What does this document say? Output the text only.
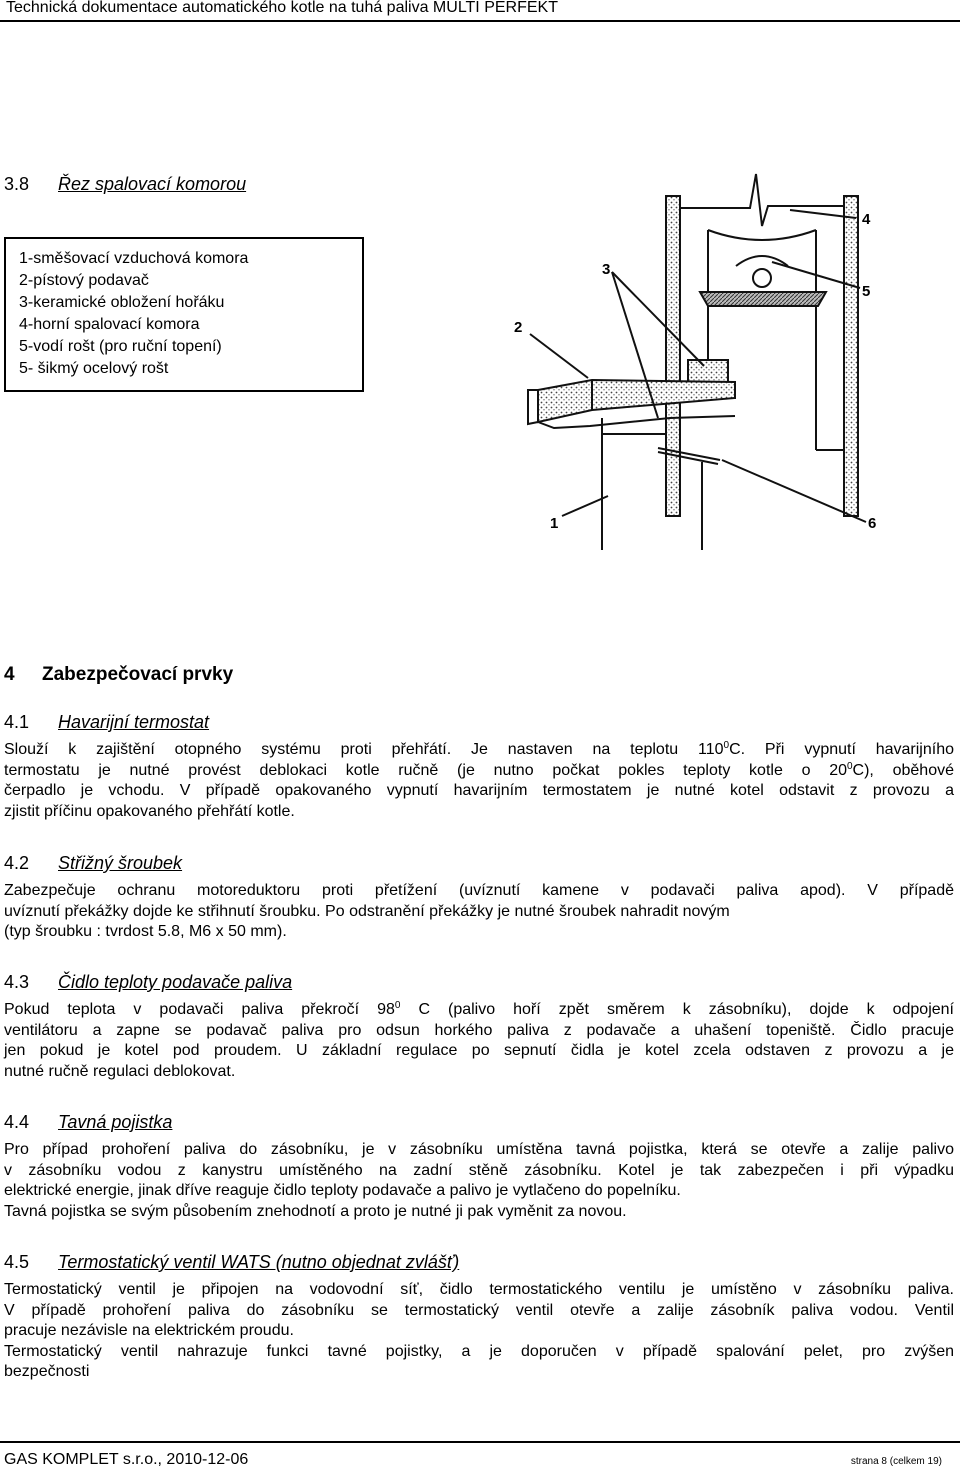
Technická dokumentace automatického kotle na tuhá paliva MULTI PERFEKT
3.8 Řez spalovací komorou
1-směšovací vzduchová komora
2-pístový podavač
3-keramické obložení hořáku
4-horní spalovací komora
5-vodí rošt (pro ruční topení)
5- šikmý ocelový rošt
1
2
3
4
5
6
4 Zabezpečovací prvky
4.1 Havarijní termostat
Slouží k zajištění otopného systému proti přehřátí. Je nastaven na teplotu $110^0C$. Při vypnutí havarijního
termostatu je nutné provést deblokaci kotle ručně (je nutno počkat pokles teploty kotle o $20^0C$), oběhové
čerpadlo je vchodu. V případě opakovaného vypnutí havarijním termostatem je nutné kotel odstavit z provozu a
zjistit příčinu opakovaného přehřátí kotle.
4.2 Střižný šroubek
Zabezpečuje ochranu motoreduktoru proti přetížení (uvíznutí kamene v podavači paliva apod). V případě
uvíznutí překážky dojde ke střihnutí šroubku. Po odstranění překážky je nutné šroubek nahradit novým
(typ šroubku : tvrdost 5.8, M6 x 50 mm).
4.3 Čidlo teploty podavače paliva
Pokud teplota v podavači paliva překročí $98^0$ C (palivo hoří zpět směrem k zásobníku), dojde k odpojení
ventilátoru a zapne se podavač paliva pro odsun horkého paliva z podavače a uhašení topeniště. Čidlo pracuje
jen pokud je kotel pod proudem. U základní regulace po sepnutí čidla je kotel zcela odstaven z provozu a je
nutné ručně regulaci deblokovat.
4.4 Tavná pojistka
Pro případ prohoření paliva do zásobníku, je v zásobníku umístěna tavná pojistka, která se otevře a zalije palivo
v zásobníku vodou z kanystru umístěného na zadní stěně zásobníku. Kotel je tak zabezpečen i při výpadku
elektrické energie, jinak dříve reaguje čidlo teploty podavače a palivo je vytlačeno do popelníku.
Tavná pojistka se svým působením znehodnotí a proto je nutné ji pak vyměnit za novou.
4.5 Termostatický ventil WATS (nutno objednat zvlášť)
Termostatický ventil je připojen na vodovodní síť, čidlo termostatického ventilu je umístěno v zásobníku paliva.
V případě prohoření paliva do zásobníku se termostatický ventil otevře a zalije zásobník paliva vodou. Ventil
pracuje nezávisle na elektrickém proudu.
Termostatický ventil nahrazuje funkci tavné pojistky, a je doporučen v případě spalování pelet, pro zvýšen
bezpečnosti
GAS KOMPLET s.r.o., 2010-12-06	strana 8 (celkem 19)
